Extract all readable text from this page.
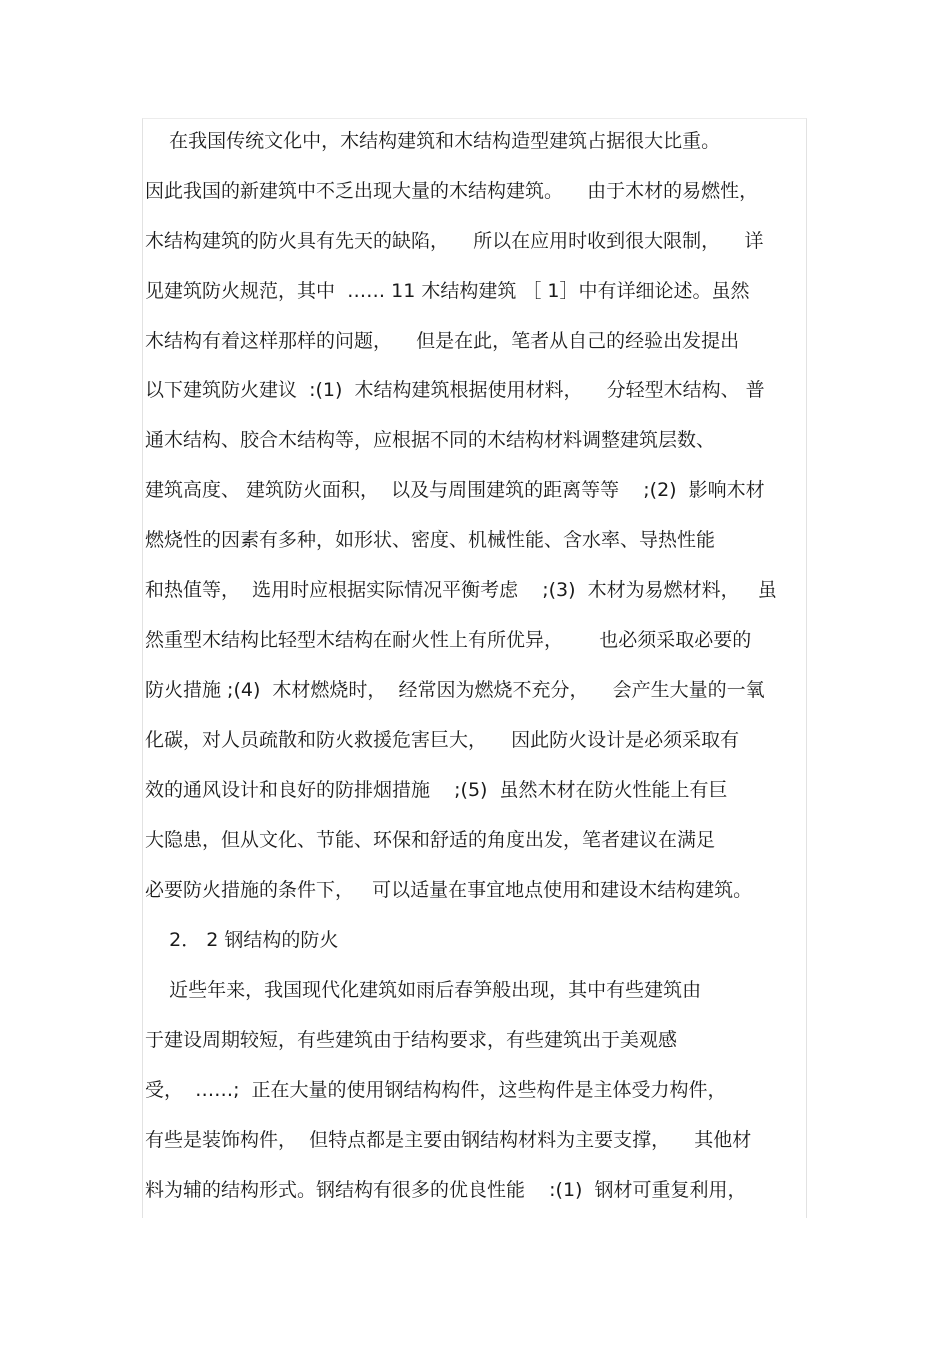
在我国传统文化中，木结构建筑和木结构造型建筑占据很大比重。
因此我国的新建筑中不乏出现大量的木结构建筑。    由于木材的易燃性，
木结构建筑的防火具有先天的缺陷，    所以在应用时收到很大限制，    详
见建筑防火规范，其中  …… 11 木结构建筑 ［ 1］中有详细论述。虽然
木结构有着这样那样的问题，    但是在此，笔者从自己的经验出发提出
以下建筑防火建议  :(1)  木结构建筑根据使用材料，    分轻型木结构、 普
通木结构、胶合木结构等，应根据不同的木结构材料调整建筑层数、
建筑高度、 建筑防火面积，  以及与周围建筑的距离等等    ;(2)  影响木材
燃烧性的因素有多种，如形状、密度、机械性能、含水率、导热性能
和热值等，  选用时应根据实际情况平衡考虑    ;(3)  木材为易燃材料，   虽
然重型木结构比轻型木结构在耐火性上有所优异，      也必须采取必要的
防火措施 ;(4)  木材燃烧时，  经常因为燃烧不充分，    会产生大量的一氧
化碳，对人员疏散和防火救援危害巨大，    因此防火设计是必须采取有
效的通风设计和良好的防排烟措施    ;(5)  虽然木材在防火性能上有巨
大隐患，但从文化、节能、环保和舒适的角度出发，笔者建议在满足
必要防火措施的条件下，   可以适量在事宜地点使用和建设木结构建筑。
2． 2 钢结构的防火
近些年来，我国现代化建筑如雨后春笋般出现，其中有些建筑由
于建设周期较短，有些建筑由于结构要求，有些建筑出于美观感
受，  ……;  正在大量的使用钢结构构件，这些构件是主体受力构件，
有些是装饰构件，  但特点都是主要由钢结构材料为主要支撑，    其他材
料为辅的结构形式。钢结构有很多的优良性能    :(1)  钢材可重复利用，
